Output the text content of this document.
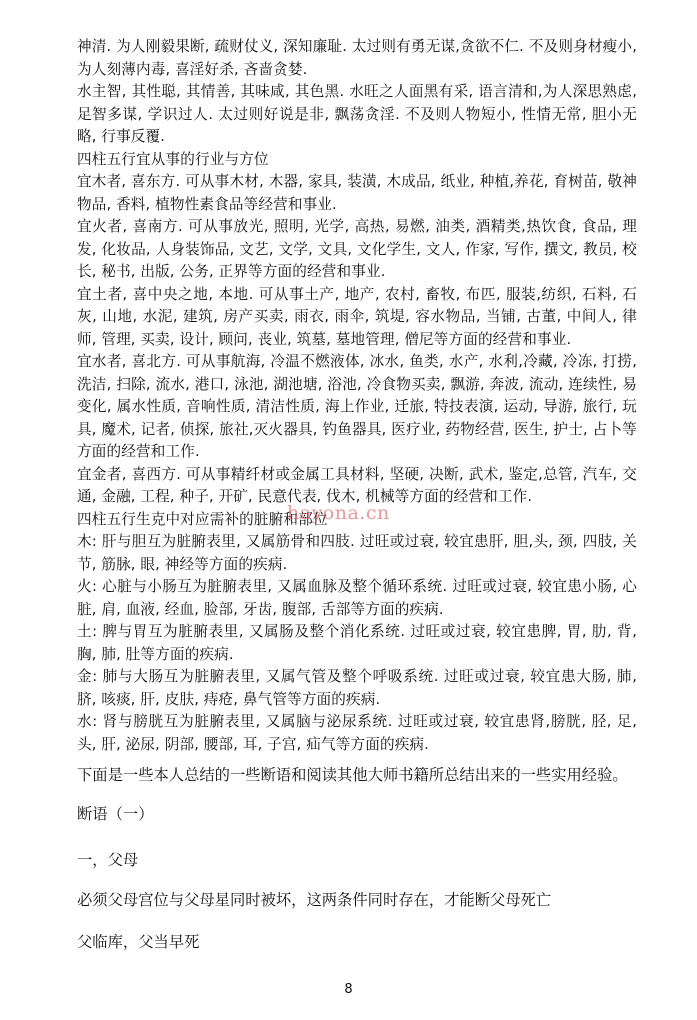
神清. 为人刚毅果断, 疏财仗义, 深知廉耻. 太过则有勇无谋,贪欲不仁. 不及则身材瘦小, 为人刻薄内毒, 喜淫好杀, 吝啬贪婪.

水主智, 其性聪, 其情善, 其味咸, 其色黑. 水旺之人面黑有采, 语言清和,为人深思熟虑, 足智多谋, 学识过人. 太过则好说是非, 飘荡贪淫. 不及则人物短小, 性情无常, 胆小无略, 行事反覆.

四柱五行宜从事的行业与方位

宜木者, 喜东方. 可从事木材, 木器, 家具, 装潢, 木成品, 纸业, 种植,养花, 育树苗, 敬神物品, 香料, 植物性素食品等经营和事业.

宜火者, 喜南方. 可从事放光, 照明, 光学, 高热, 易燃, 油类, 酒精类,热饮食, 食品, 理发, 化妆品, 人身装饰品, 文艺, 文学, 文具, 文化学生, 文人, 作家, 写作, 撰文, 教员, 校长, 秘书, 出版, 公务, 正界等方面的经营和事业.

宜土者, 喜中央之地, 本地. 可从事土产, 地产, 农村, 畜牧, 布匹, 服装,纺织, 石料, 石灰, 山地, 水泥, 建筑, 房产买卖, 雨衣, 雨伞, 筑堤, 容水物品, 当铺, 古董, 中间人, 律师, 管理, 买卖, 设计, 顾问, 丧业, 筑墓, 墓地管理, 僧尼等方面的经营和事业.

宜水者, 喜北方. 可从事航海, 冷温不燃液体, 冰水, 鱼类, 水产, 水利,冷藏, 冷冻, 打捞, 洗洁, 扫除, 流水, 港口, 泳池, 湖池塘, 浴池, 冷食物买卖, 飘游, 奔波, 流动, 连续性, 易变化, 属水性质, 音响性质, 清洁性质, 海上作业, 迁旅, 特技表演, 运动, 导游, 旅行, 玩具, 魔术, 记者, 侦探, 旅社,灭火器具, 钓鱼器具, 医疗业, 药物经营, 医生, 护士, 占卜等方面的经营和工作.

宜金者, 喜西方. 可从事精纤材或金属工具材料, 坚硬, 决断, 武术, 鉴定,总管, 汽车, 交通, 金融, 工程, 种子, 开矿, 民意代表, 伐木, 机械等方面的经营和工作.

四柱五行生克中对应需补的脏腑和部位

木: 肝与胆互为脏腑表里, 又属筋骨和四肢. 过旺或过衰, 较宜患肝, 胆,头, 颈, 四肢, 关节, 筋脉, 眼, 神经等方面的疾病.

火: 心脏与小肠互为脏腑表里, 又属血脉及整个循环系统. 过旺或过衰, 较宜患小肠, 心脏, 肩, 血液, 经血, 脸部, 牙齿, 腹部, 舌部等方面的疾病.

土: 脾与胃互为脏腑表里, 又属肠及整个消化系统. 过旺或过衰, 较宜患脾, 胃, 肋, 背, 胸, 肺, 肚等方面的疾病.

金: 肺与大肠互为脏腑表里, 又属气管及整个呼吸系统. 过旺或过衰, 较宜患大肠, 肺, 脐, 咳痰, 肝, 皮肤, 痔疮, 鼻气管等方面的疾病.

水: 肾与膀胱互为脏腑表里, 又属脑与泌尿系统. 过旺或过衰, 较宜患肾,膀胱, 胫, 足, 头, 肝, 泌尿, 阴部, 腰部, 耳, 子宫, 疝气等方面的疾病.

hayona.cn

下面是一些本人总结的一些断语和阅读其他大师书籍所总结出来的一些实用经验。

断语（一）

一，父母

必须父母宫位与父母星同时被坏，这两条件同时存在，才能断父母死亡

父临库，父当早死

8
